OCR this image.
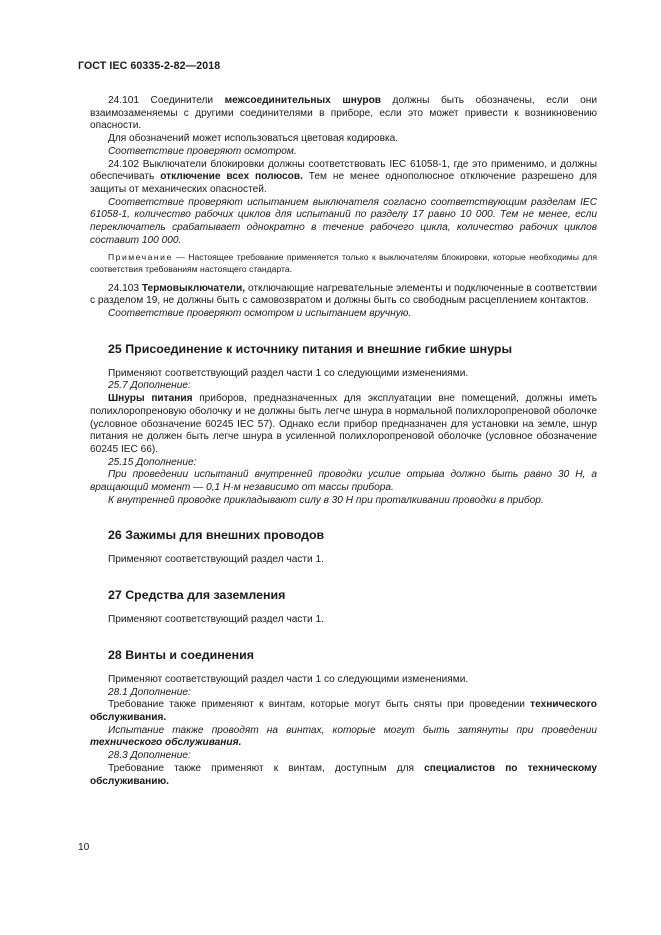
ГОСТ IEC 60335-2-82—2018

24.101 Соединители межсоединительных шнуров должны быть обозначены, если они взаимозаменяемы с другими соединителями в приборе, если это может привести к возникновению опасности.

Для обозначений может использоваться цветовая кодировка.

Соответствие проверяют осмотром.

24.102 Выключатели блокировки должны соответствовать IEC 61058-1, где это применимо, и должны обеспечивать отключение всех полюсов. Тем не менее однополюсное отключение разрешено для защиты от механических опасностей.

Соответствие проверяют испытанием выключателя согласно соответствующим разделам IEC 61058-1, количество рабочих циклов для испытаний по разделу 17 равно 10 000. Тем не менее, если переключатель срабатывает однократно в течение рабочего цикла, количество рабочих циклов составит 100 000.

Примечание — Настоящее требование применяется только к выключателям блокировки, которые необходимы для соответствия требованиям настоящего стандарта.

24.103 Термовыключатели, отключающие нагревательные элементы и подключенные в соответствии с разделом 19, не должны быть с самовозвратом и должны быть со свободным расцеплением контактов.

Соответствие проверяют осмотром и испытанием вручную.

25 Присоединение к источнику питания и внешние гибкие шнуры

Применяют соответствующий раздел части 1 со следующими изменениями.

25.7 Дополнение:

Шнуры питания приборов, предназначенных для эксплуатации вне помещений, должны иметь полихлоропреновую оболочку и не должны быть легче шнура в нормальной полихлоропреновой оболочке (условное обозначение 60245 IEC 57). Однако если прибор предназначен для установки на земле, шнур питания не должен быть легче шнура в усиленной полихлоропреновой оболочке (условное обозначение 60245 IEC 66).

25.15 Дополнение:

При проведении испытаний внутренней проводки усилие отрыва должно быть равно 30 Н, а вращающий момент — 0,1 Н·м независимо от массы прибора.

К внутренней проводке прикладывают силу в 30 Н при проталкивании проводки в прибор.

26 Зажимы для внешних проводов

Применяют соответствующий раздел части 1.

27 Средства для заземления

Применяют соответствующий раздел части 1.

28 Винты и соединения

Применяют соответствующий раздел части 1 со следующими изменениями.

28.1 Дополнение:

Требование также применяют к винтам, которые могут быть сняты при проведении технического обслуживания.

Испытание также проводят на винтах, которые могут быть затянуты при проведении технического обслуживания.

28.3 Дополнение:

Требование также применяют к винтам, доступным для специалистов по техническому обслуживанию.

10
